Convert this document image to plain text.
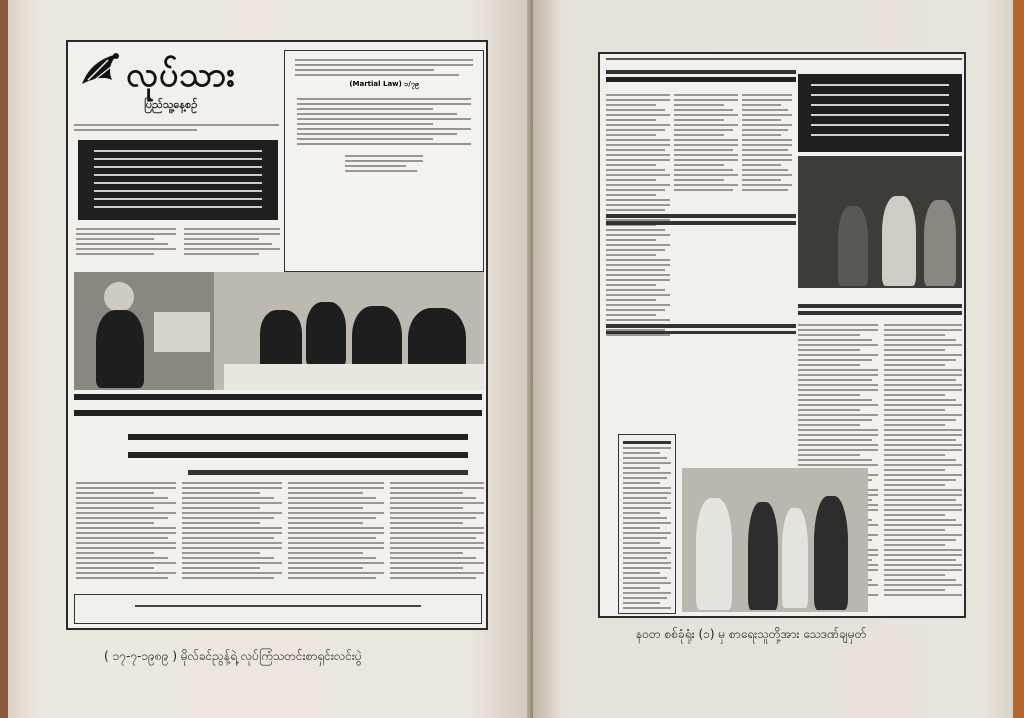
လုပ်သား
ပြည်သူ့နေ့စဉ်
(Martial Law) ၁/၇၉
( ၁၇-၇-၁၉၈၉ ) မိုလ်ခင်ညွန့်ရဲ့ လုပ်ကြံသတင်းစာရှင်းလင်းပွဲ
နဝတ စစ်ခုံရုံး (၁) မှ စာရေးသူတို့အား သေဒဏ်ချမှတ်
